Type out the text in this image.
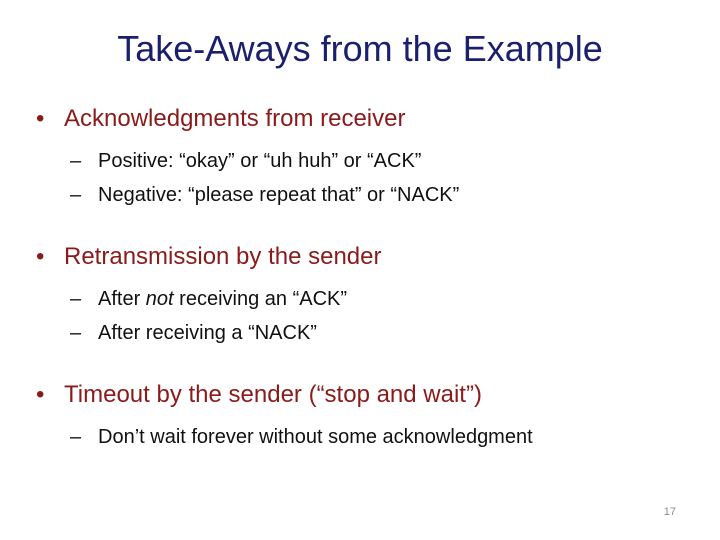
Take-Aways from the Example
• Acknowledgments from receiver
– Positive: “okay” or “uh huh” or “ACK”
– Negative: “please repeat that” or “NACK”
• Retransmission by the sender
– After not receiving an “ACK”
– After receiving a “NACK”
• Timeout by the sender (“stop and wait”)
– Don’t wait forever without some acknowledgment
17
